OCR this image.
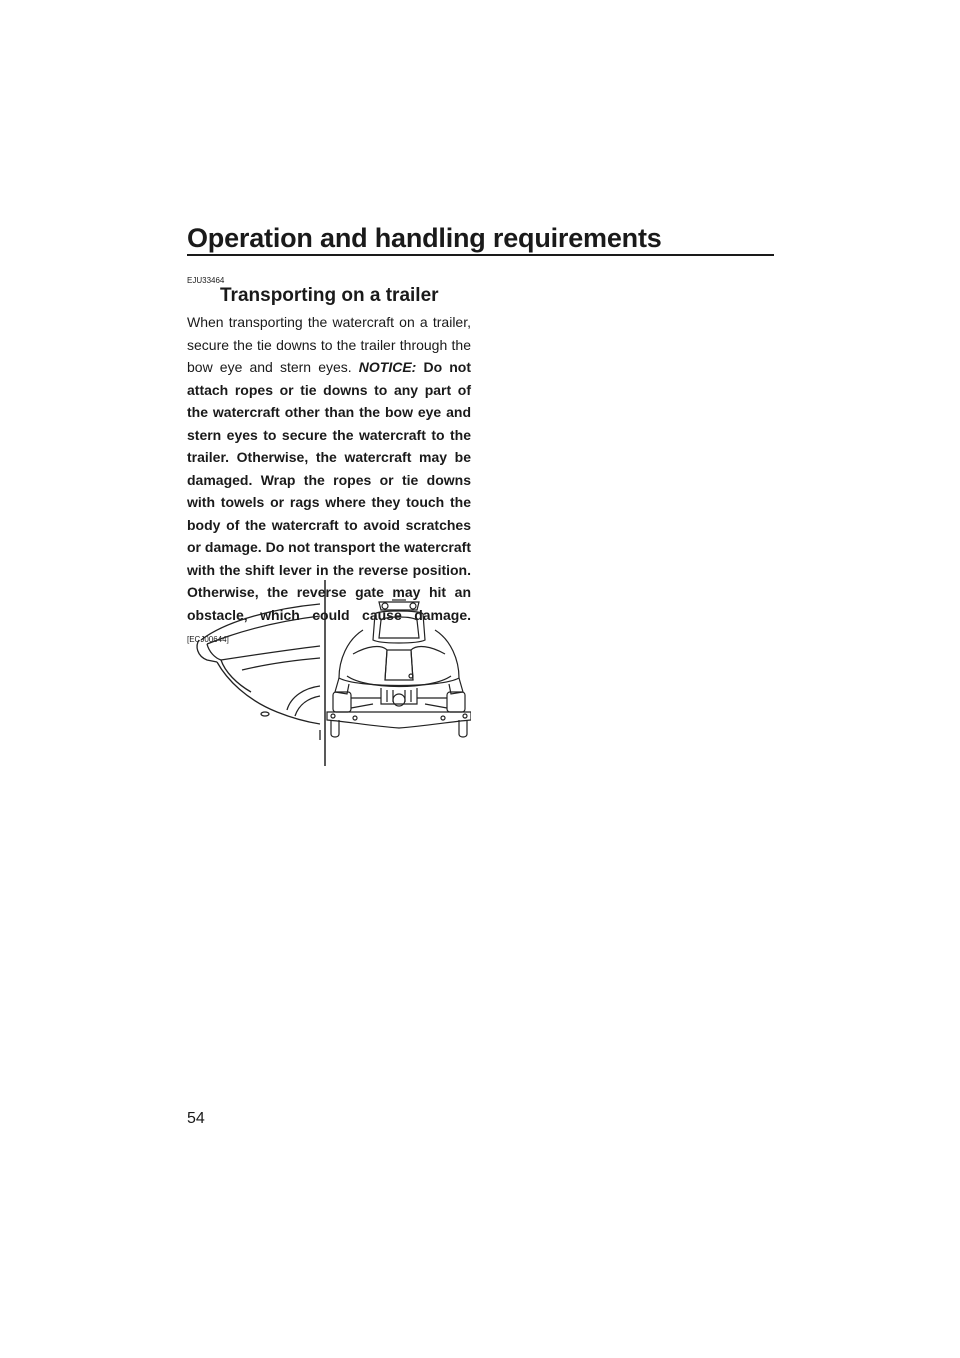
Operation and handling requirements

EJU33464

Transporting on a trailer

When transporting the watercraft on a trailer, secure the tie downs to the trailer through the bow eye and stern eyes. NOTICE: Do not attach ropes or tie downs to any part of the watercraft other than the bow eye and stern eyes to secure the watercraft to the trailer. Otherwise, the watercraft may be damaged. Wrap the ropes or tie downs with towels or rags where they touch the body of the watercraft to avoid scratches or damage. Do not transport the watercraft with the shift lever in the reverse position. Otherwise, the reverse gate may hit an obstacle, which could cause damage.[ECJ00644]

54
